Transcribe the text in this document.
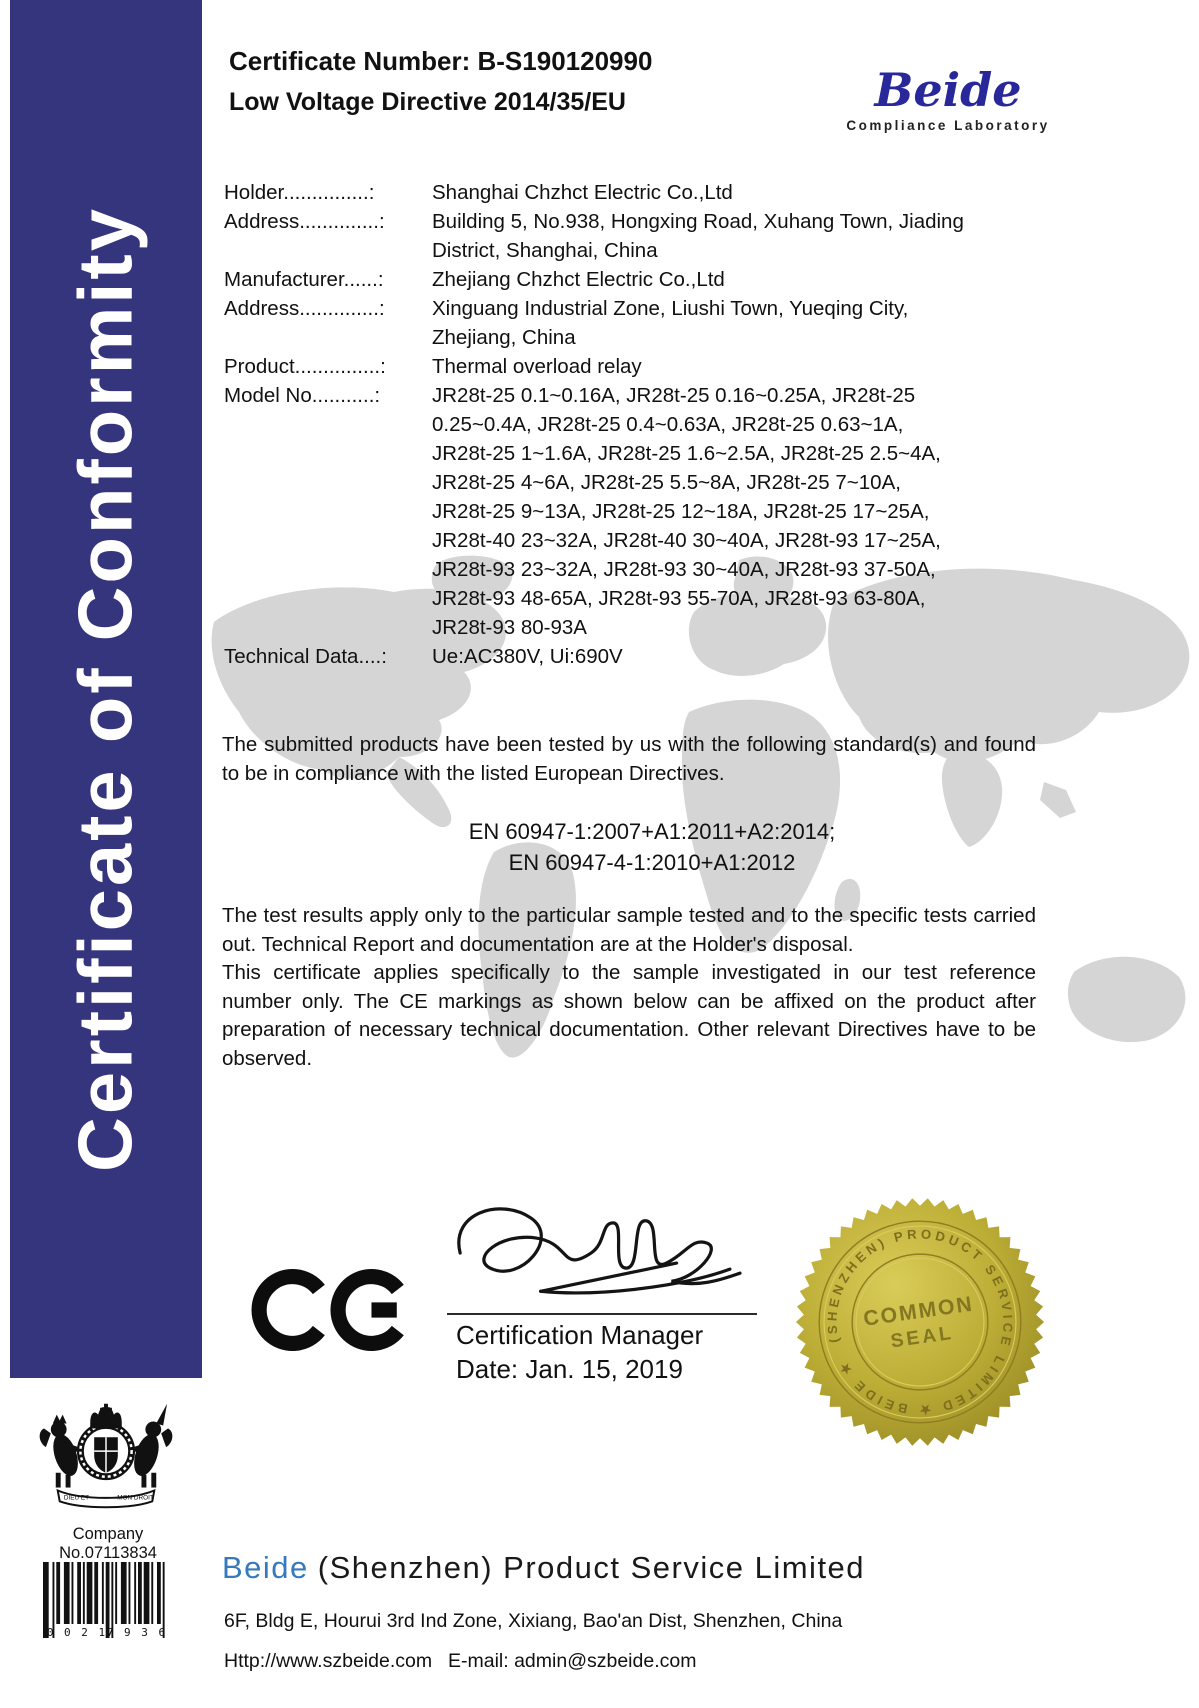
Certificate of Conformity
Certificate Number: B-S190120990
Low Voltage Directive 2014/35/EU	Beide
Compliance Laboratory
Holder...............:	Shanghai Chzhct Electric Co.,Ltd
Address..............:	Building 5, No.938, Hongxing Road, Xuhang Town, Jiading
District, Shanghai, China
Manufacturer......:	Zhejiang Chzhct Electric Co.,Ltd
Address..............:	Xinguang Industrial Zone, Liushi Town, Yueqing City,
Zhejiang, China
Product...............:	Thermal overload relay
Model No...........:	JR28t-25 0.1~0.16A, JR28t-25 0.16~0.25A, JR28t-25
0.25~0.4A, JR28t-25 0.4~0.63A, JR28t-25 0.63~1A,
JR28t-25 1~1.6A, JR28t-25 1.6~2.5A, JR28t-25 2.5~4A,
JR28t-25 4~6A, JR28t-25 5.5~8A, JR28t-25 7~10A,
JR28t-25 9~13A, JR28t-25 12~18A, JR28t-25 17~25A,
JR28t-40 23~32A, JR28t-40 30~40A, JR28t-93 17~25A,
JR28t-93 23~32A, JR28t-93 30~40A, JR28t-93 37-50A,
JR28t-93 48-65A, JR28t-93 55-70A, JR28t-93 63-80A,
JR28t-93 80-93A
Technical Data....:	Ue:AC380V, Ui:690V

The submitted products have been tested by us with the following standard(s) and found to be in compliance with the listed European Directives.

EN 60947-1:2007+A1:2011+A2:2014;
EN 60947-4-1:2010+A1:2012

The test results apply only to the particular sample tested and to the specific tests carried out. Technical Report and documentation are at the Holder's disposal.

This certificate applies specifically to the sample investigated in our test reference number only. The CE markings as shown below can be affixed on the product after preparation of necessary technical documentation. Other relevant Directives have to be observed.

Certification Manager
Date: Jan. 15, 2019
(SHENZHEN) PRODUCT SERVICE LIMITED ★ BEIDE ★
COMMON
SEAL
DIEU ET	MON DROIT
Company No.07113834
0 0 2 1 7 9 3 6
Beide (Shenzhen) Product Service Limited
6F, Bldg E, Hourui 3rd Ind Zone, Xixiang, Bao'an Dist, Shenzhen, China
Http://www.szbeide.com E-mail: admin@szbeide.com
